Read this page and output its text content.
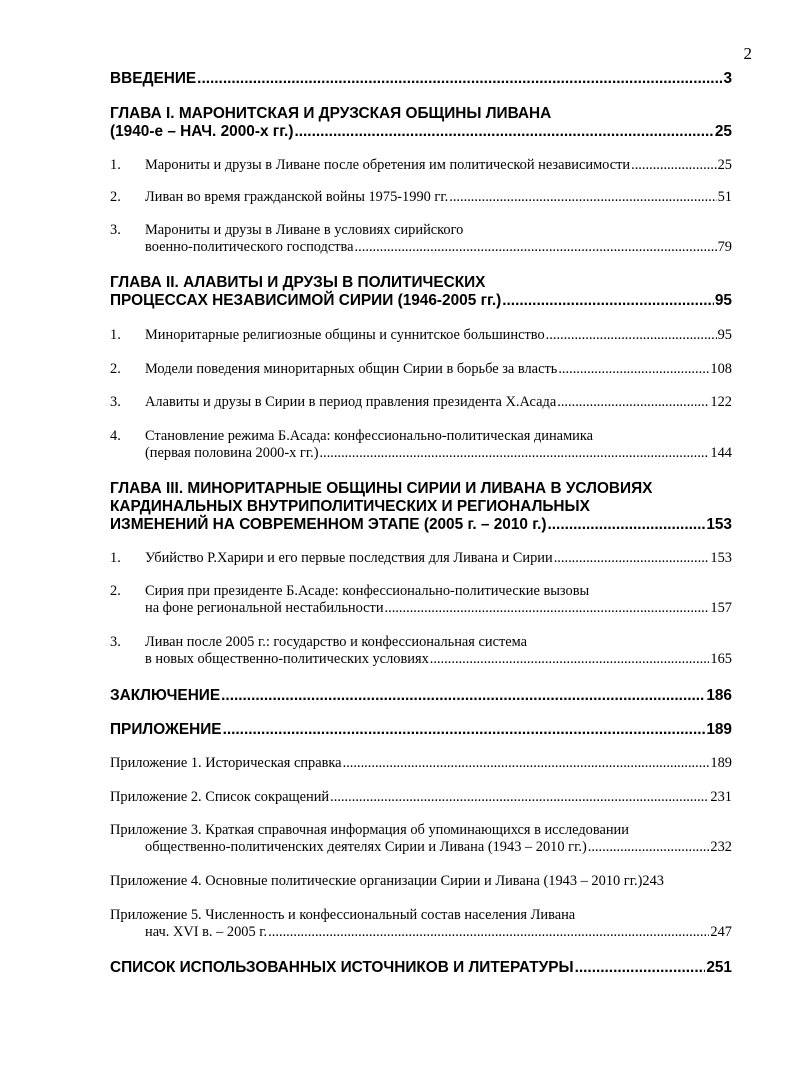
2
ВВЕДЕНИЕ .....	3
ГЛАВА I. МАРОНИТСКАЯ И ДРУЗСКАЯ ОБЩИНЫ ЛИВАНА
(1940-е – НАЧ. 2000-х гг.) .....	25
1. Марониты и друзы в Ливане после обретения им политической независимости .....	25
2. Ливан во время гражданской войны 1975-1990 гг. .....	51
3.	Марониты и друзы в Ливане в условиях сирийского
военно-политического господства .....	79
ГЛАВА II. АЛАВИТЫ И ДРУЗЫ В ПОЛИТИЧЕСКИХ
ПРОЦЕССАХ НЕЗАВИСИМОЙ СИРИИ (1946-2005 гг.) .....	95
1. Миноритарные религиозные общины и суннитское большинство .....	95
2. Модели поведения миноритарных общин Сирии в борьбе за власть .....	108
3. Алавиты и друзы в Сирии в период правления президента Х.Асада .....	122
4.	Становление режима Б.Асада: конфессионально-политическая динамика
(первая половина 2000-х гг.) .....	144
ГЛАВА III. МИНОРИТАРНЫЕ ОБЩИНЫ СИРИИ И ЛИВАНА В УСЛОВИЯХ
КАРДИНАЛЬНЫХ ВНУТРИПОЛИТИЧЕСКИХ И РЕГИОНАЛЬНЫХ
ИЗМЕНЕНИЙ НА СОВРЕМЕННОМ ЭТАПЕ (2005 г. – 2010 г.) .....	153
1. Убийство Р.Харири и его первые последствия для Ливана и Сирии .....	153
2.	Сирия при президенте Б.Асаде: конфессионально-политические вызовы
на фоне региональной нестабильности .....	157
3.	Ливан после 2005 г.: государство и конфессиональная система
в новых общественно-политических условиях .....	165
ЗАКЛЮЧЕНИЕ .....	186
ПРИЛОЖЕНИЕ .....	189
Приложение 1. Историческая справка .....	189
Приложение 2. Список сокращений .....	231
Приложение 3. Краткая справочная информация об упоминающихся в исследовании
общественно-политиченских деятелях Сирии и Ливана (1943 – 2010 гг.) .....	232
Приложение 4. Основные политические организации Сирии и Ливана (1943 – 2010 гг.) 243
Приложение 5. Численность и конфессиональный состав населения Ливана
нач. XVI в. – 2005 г. .....	247
СПИСОК ИСПОЛЬЗОВАННЫХ ИСТОЧНИКОВ И ЛИТЕРАТУРЫ .....	251
